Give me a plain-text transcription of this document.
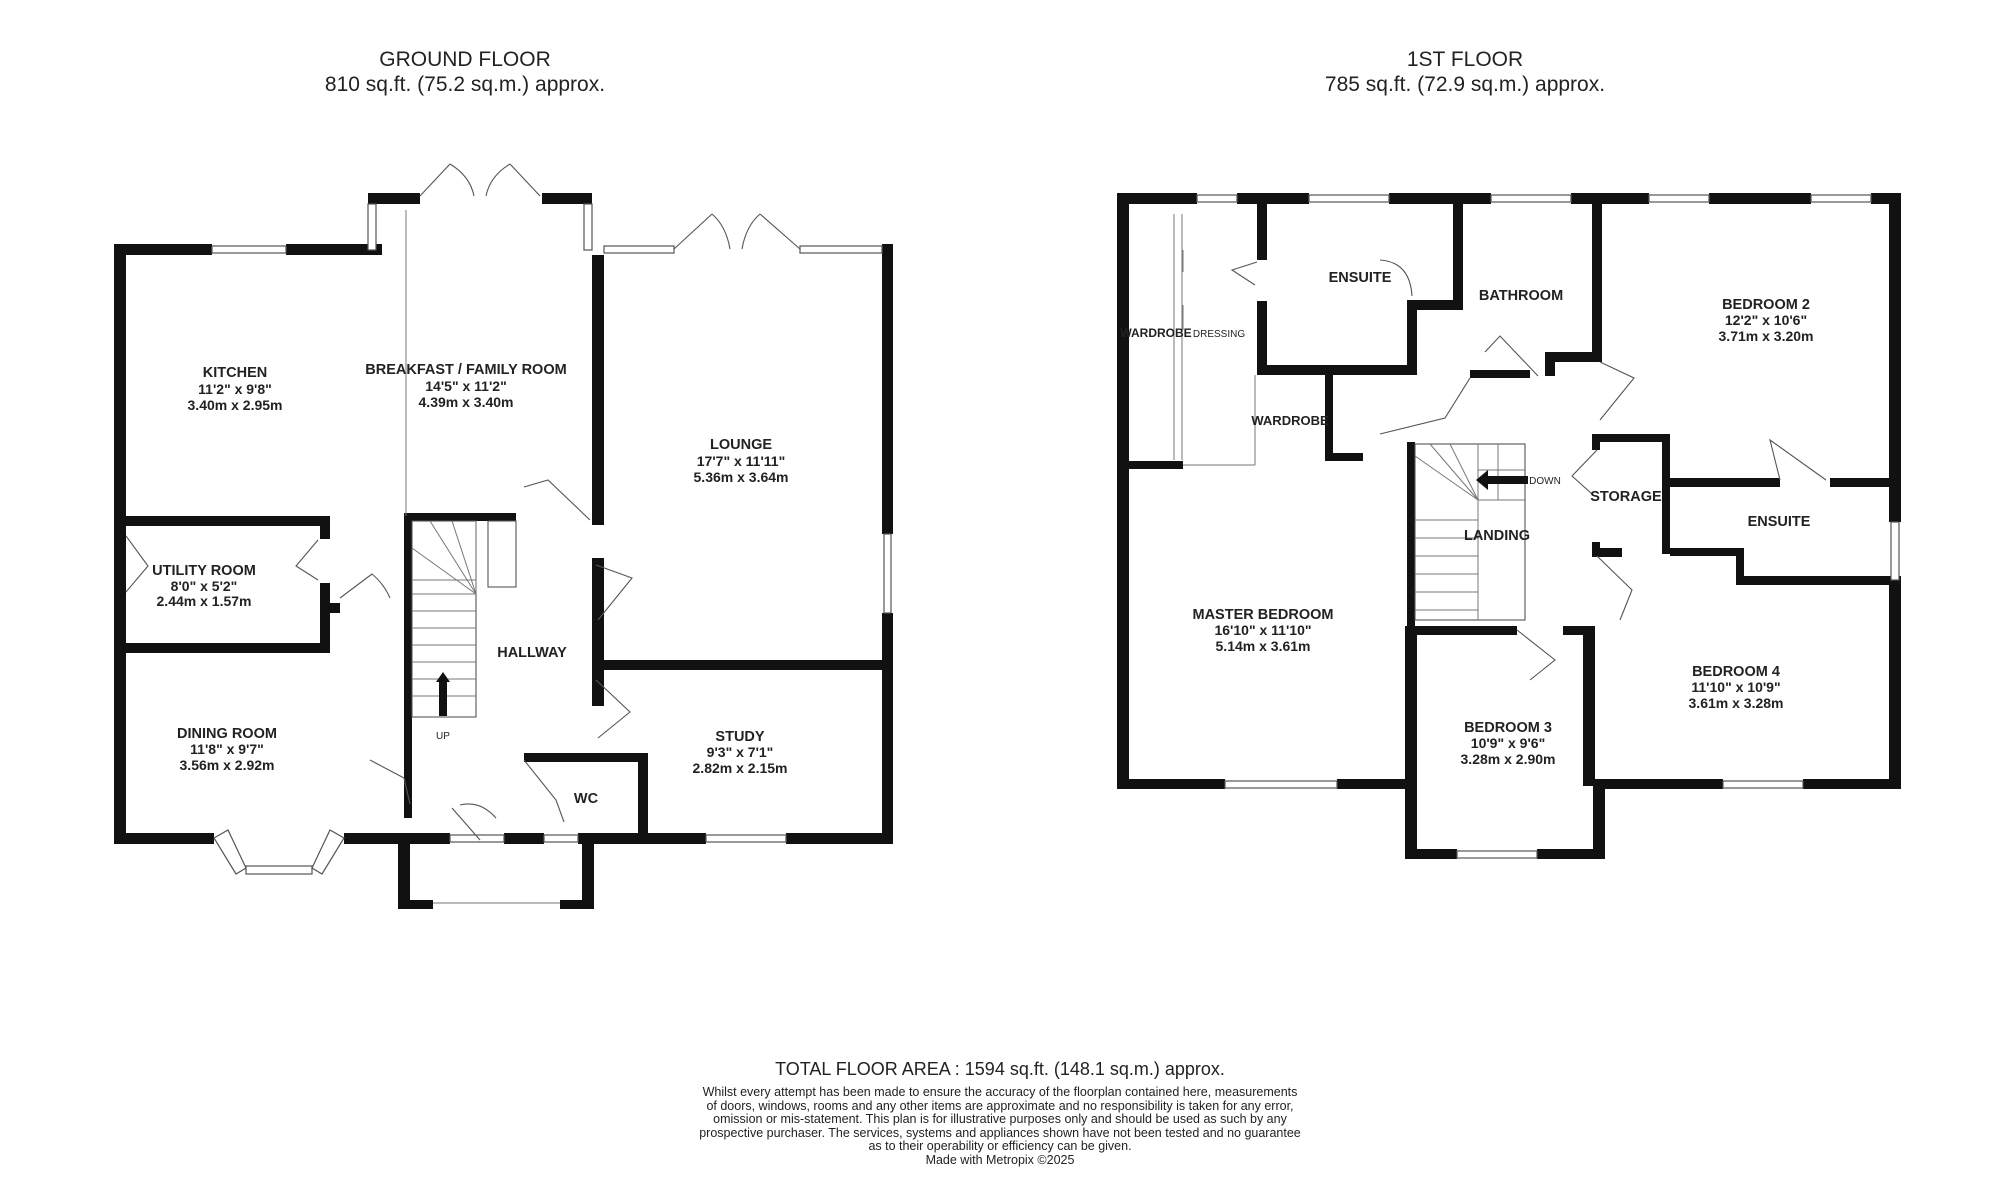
GROUND FLOOR
810 sq.ft. (75.2 sq.m.) approx.
1ST FLOOR
785 sq.ft. (72.9 sq.m.) approx.
KITCHEN
11'2" x 9'8"
3.40m x 2.95m
BREAKFAST / FAMILY ROOM
14'5" x 11'2"
4.39m x 3.40m
LOUNGE
17'7" x 11'11"
5.36m x 3.64m
UTILITY ROOM
8'0" x 5'2"
2.44m x 1.57m
DINING ROOM
11'8" x 9'7"
3.56m x 2.92m
STUDY
9'3" x 7'1"
2.82m x 2.15m
HALLWAY
WC
UP
ENSUITE
BATHROOM
BEDROOM 2
12'2" x 10'6"
3.71m x 3.20m
WARDROBE DRESSING
WARDROBE
LANDING
STORAGE
ENSUITE
MASTER BEDROOM
16'10" x 11'10"
5.14m x 3.61m
BEDROOM 4
11'10" x 10'9"
3.61m x 3.28m
BEDROOM 3
10'9" x 9'6"
3.28m x 2.90m
DOWN
TOTAL FLOOR AREA : 1594 sq.ft. (148.1 sq.m.) approx.
Whilst every attempt has been made to ensure the accuracy of the floorplan contained here, measurements
of doors, windows, rooms and any other items are approximate and no responsibility is taken for any error,
omission or mis-statement. This plan is for illustrative purposes only and should be used as such by any
prospective purchaser. The services, systems and appliances shown have not been tested and no guarantee
as to their operability or efficiency can be given.
Made with Metropix ©2025
